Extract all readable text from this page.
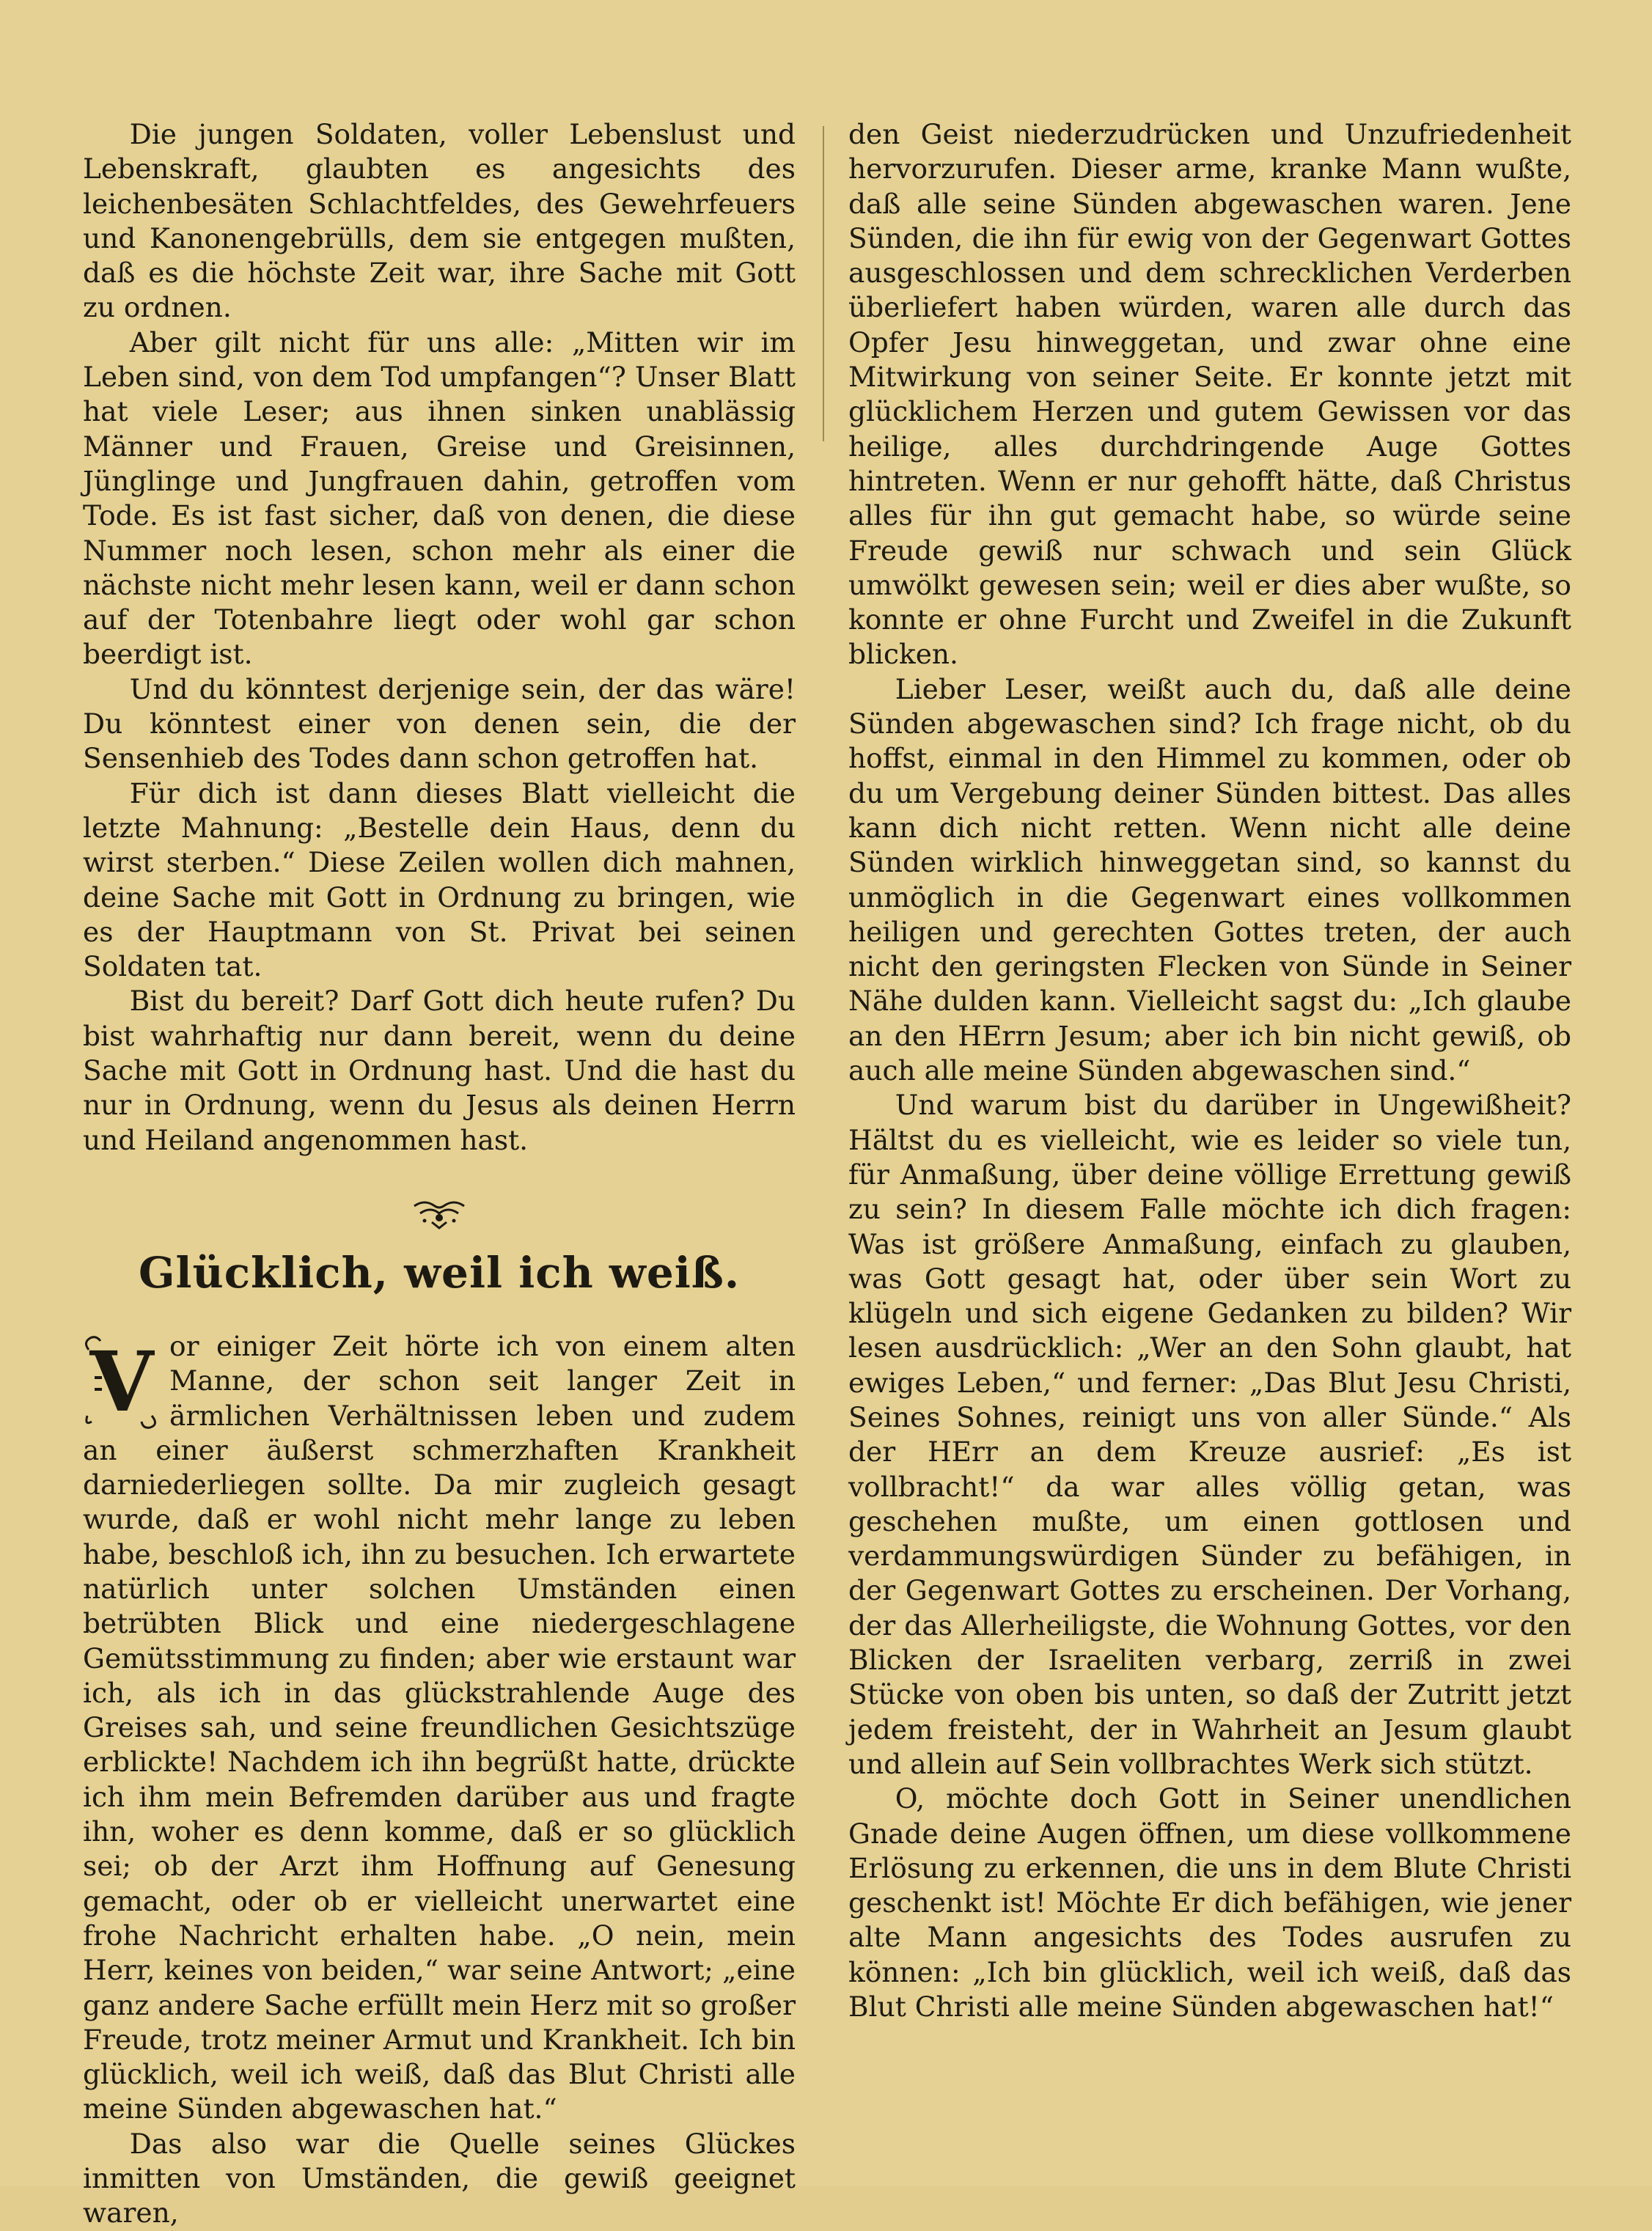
Die jungen Soldaten, voller Lebenslust und Lebenskraft, glaubten es angesichts des leichenbesäten Schlachtfeldes, des Gewehrfeuers und Kanonengebrülls, dem sie entgegen mußten, daß es die höchste Zeit war, ihre Sache mit Gott zu ordnen.

Aber gilt nicht für uns alle: „Mitten wir im Leben sind, von dem Tod umpfangen“? Unser Blatt hat viele Leser; aus ihnen sinken unablässig Männer und Frauen, Greise und Greisinnen, Jünglinge und Jungfrauen dahin, getroffen vom Tode. Es ist fast sicher, daß von denen, die diese Nummer noch lesen, schon mehr als einer die nächste nicht mehr lesen kann, weil er dann schon auf der Totenbahre liegt oder wohl gar schon beerdigt ist.

Und du könntest derjenige sein, der das wäre! Du könntest einer von denen sein, die der Sensenhieb des Todes dann schon getroffen hat.

Für dich ist dann dieses Blatt vielleicht die letzte Mahnung: „Bestelle dein Haus, denn du wirst sterben.“ Diese Zeilen wollen dich mahnen, deine Sache mit Gott in Ordnung zu bringen, wie es der Hauptmann von St. Privat bei seinen Soldaten tat.

Bist du bereit? Darf Gott dich heute rufen? Du bist wahrhaftig nur dann bereit, wenn du deine Sache mit Gott in Ordnung hast. Und die hast du nur in Ordnung, wenn du Jesus als deinen Herrn und Heiland angenommen hast.

Glücklich, weil ich weiß.

V or einiger Zeit hörte ich von einem alten Manne, der schon seit langer Zeit in ärmlichen Verhältnissen leben und zudem an einer äußerst schmerzhaften Krankheit darniederliegen sollte. Da mir zugleich gesagt wurde, daß er wohl nicht mehr lange zu leben habe, beschloß ich, ihn zu besuchen. Ich erwartete natürlich unter solchen Umständen einen betrübten Blick und eine niedergeschlagene Gemütsstimmung zu finden; aber wie erstaunt war ich, als ich in das glückstrahlende Auge des Greises sah, und seine freundlichen Gesichtszüge erblickte! Nachdem ich ihn begrüßt hatte, drückte ich ihm mein Befremden darüber aus und fragte ihn, woher es denn komme, daß er so glücklich sei; ob der Arzt ihm Hoffnung auf Genesung gemacht, oder ob er vielleicht unerwartet eine frohe Nachricht erhalten habe. „O nein, mein Herr, keines von beiden,“ war seine Antwort; „eine ganz andere Sache erfüllt mein Herz mit so großer Freude, trotz meiner Armut und Krankheit. Ich bin glücklich, weil ich weiß, daß das Blut Christi alle meine Sünden abgewaschen hat.“

Das also war die Quelle seines Glückes inmitten von Umständen, die gewiß geeignet waren,

den Geist niederzudrücken und Unzufriedenheit hervorzurufen. Dieser arme, kranke Mann wußte, daß alle seine Sünden abgewaschen waren. Jene Sünden, die ihn für ewig von der Gegenwart Gottes ausgeschlossen und dem schrecklichen Verderben überliefert haben würden, waren alle durch das Opfer Jesu hinweggetan, und zwar ohne eine Mitwirkung von seiner Seite. Er konnte jetzt mit glücklichem Herzen und gutem Gewissen vor das heilige, alles durchdringende Auge Gottes hintreten. Wenn er nur gehofft hätte, daß Christus alles für ihn gut gemacht habe, so würde seine Freude gewiß nur schwach und sein Glück umwölkt gewesen sein; weil er dies aber wußte, so konnte er ohne Furcht und Zweifel in die Zukunft blicken.

Lieber Leser, weißt auch du, daß alle deine Sünden abgewaschen sind? Ich frage nicht, ob du hoffst, einmal in den Himmel zu kommen, oder ob du um Vergebung deiner Sünden bittest. Das alles kann dich nicht retten. Wenn nicht alle deine Sünden wirklich hinweggetan sind, so kannst du unmöglich in die Gegenwart eines vollkommen heiligen und gerechten Gottes treten, der auch nicht den geringsten Flecken von Sünde in Seiner Nähe dulden kann. Vielleicht sagst du: „Ich glaube an den HErrn Jesum; aber ich bin nicht gewiß, ob auch alle meine Sünden abgewaschen sind.“

Und warum bist du darüber in Ungewißheit? Hältst du es vielleicht, wie es leider so viele tun, für Anmaßung, über deine völlige Errettung gewiß zu sein? In diesem Falle möchte ich dich fragen: Was ist größere Anmaßung, einfach zu glauben, was Gott gesagt hat, oder über sein Wort zu klügeln und sich eigene Gedanken zu bilden? Wir lesen ausdrücklich: „Wer an den Sohn glaubt, hat ewiges Leben,“ und ferner: „Das Blut Jesu Christi, Seines Sohnes, reinigt uns von aller Sünde.“ Als der HErr an dem Kreuze ausrief: „Es ist vollbracht!“ da war alles völlig getan, was geschehen mußte, um einen gottlosen und verdammungswürdigen Sünder zu befähigen, in der Gegenwart Gottes zu erscheinen. Der Vorhang, der das Allerheiligste, die Wohnung Gottes, vor den Blicken der Israeliten verbarg, zerriß in zwei Stücke von oben bis unten, so daß der Zutritt jetzt jedem freisteht, der in Wahrheit an Jesum glaubt und allein auf Sein vollbrachtes Werk sich stützt.

O, möchte doch Gott in Seiner unendlichen Gnade deine Augen öffnen, um diese vollkommene Erlösung zu erkennen, die uns in dem Blute Christi geschenkt ist! Möchte Er dich befähigen, wie jener alte Mann angesichts des Todes ausrufen zu können: „Ich bin glücklich, weil ich weiß, daß das Blut Christi alle meine Sünden abgewaschen hat!“
